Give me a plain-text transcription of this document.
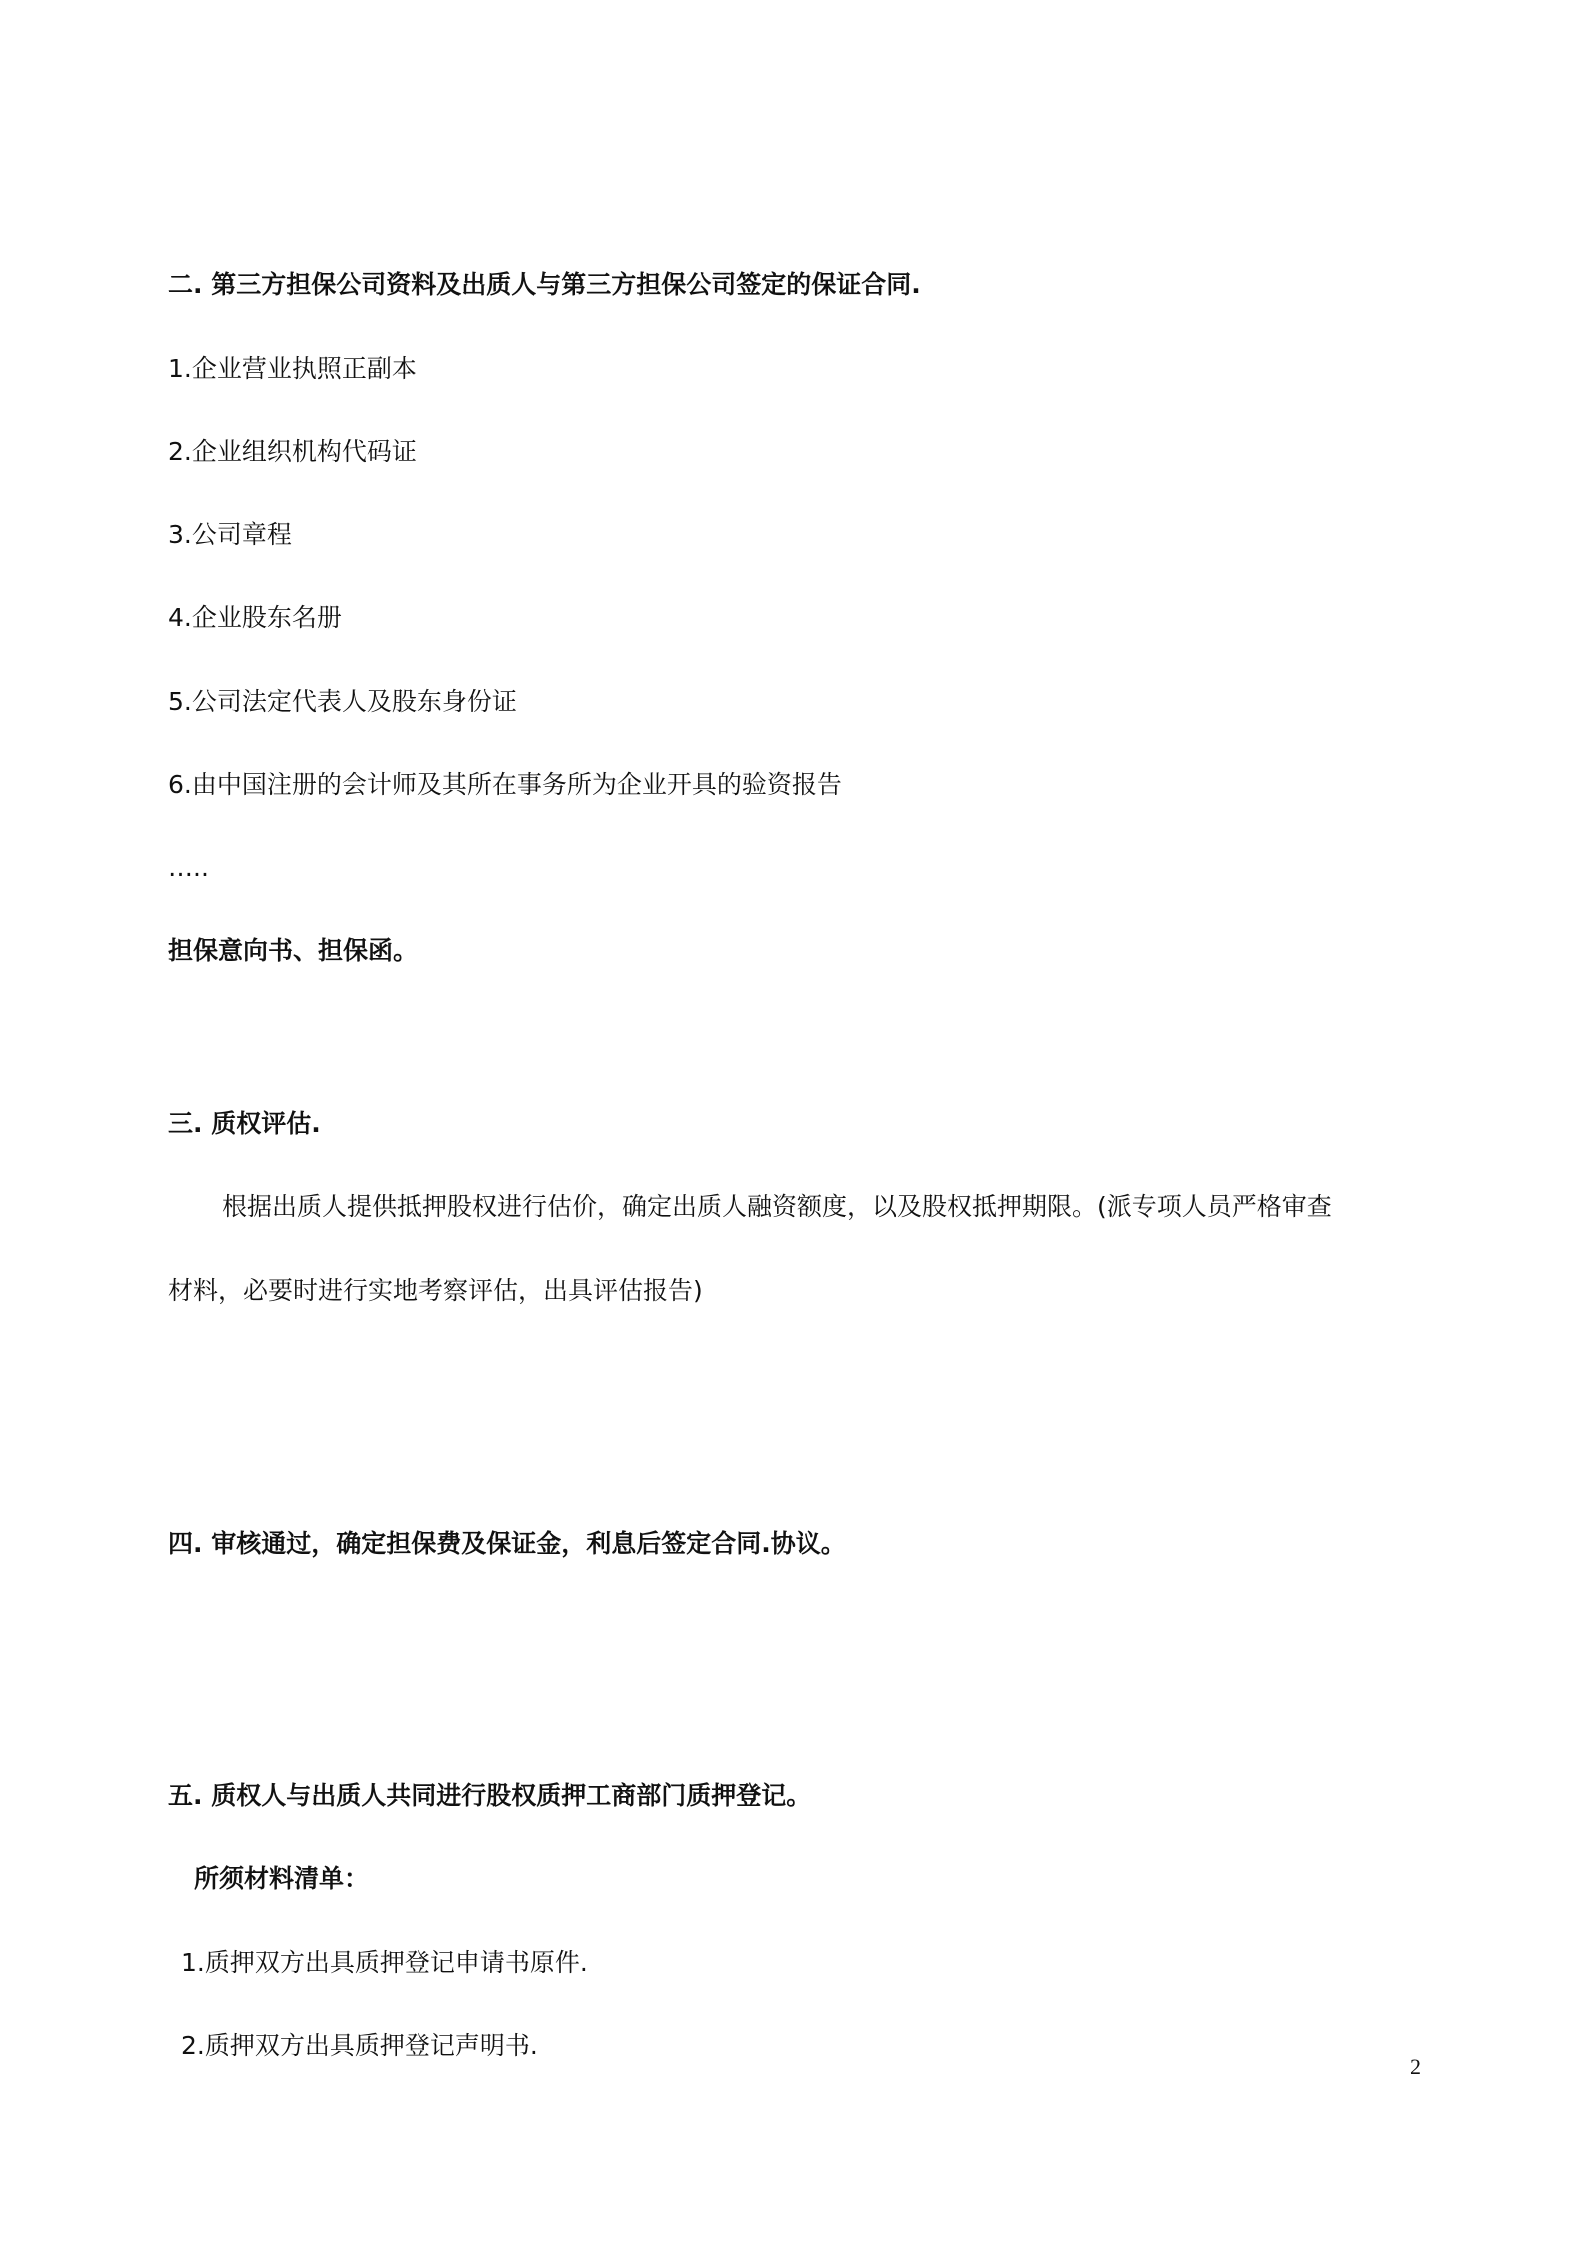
二. 第三方担保公司资料及出质人与第三方担保公司签定的保证合同.
1.企业营业执照正副本
2.企业组织机构代码证
3.公司章程
4.企业股东名册
5.公司法定代表人及股东身份证
6.由中国注册的会计师及其所在事务所为企业开具的验资报告
…..
担保意向书、担保函。
三. 质权评估.
根据出质人提供抵押股权进行估价，确定出质人融资额度，以及股权抵押期限。(派专项人员严格审查
材料，必要时进行实地考察评估，出具评估报告)
四. 审核通过，确定担保费及保证金，利息后签定合同.协议。
五. 质权人与出质人共同进行股权质押工商部门质押登记。
所须材料清单：
1.质押双方出具质押登记申请书原件.
2.质押双方出具质押登记声明书.
2
